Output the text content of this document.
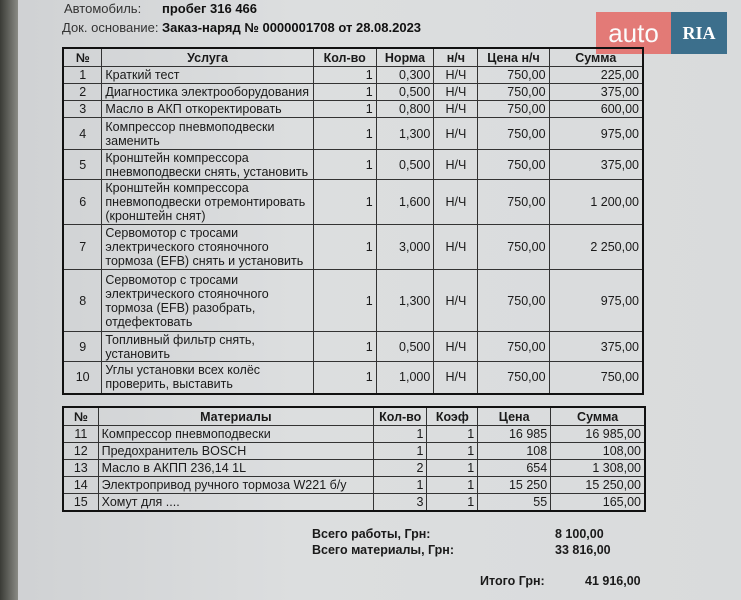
Автомобиль: пробег 316 466
Док. основание: Заказ-наряд № 0000001708 от 28.08.2023	auto	RIA
№	Услуга	Кол-во	Норма	н/ч	Цена н/ч	Сумма
1	Краткий тест	1	0,300	Н/Ч	750,00	225,00
2	Диагностика электрооборудования	1	0,500	Н/Ч	750,00	375,00
3	Масло в АКП откоректировать	1	0,800	Н/Ч	750,00	600,00
4	Компрессор пневмоподвески заменить	1	1,300	Н/Ч	750,00	975,00
5	Кронштейн компрессора пневмоподвески снять, установить	1	0,500	Н/Ч	750,00	375,00
6	Кронштейн компрессора пневмоподвески отремонтировать (кронштейн снят)	1	1,600	Н/Ч	750,00	1 200,00
7	Сервомотор с тросами электрического стояночного тормоза (EFB) снять и установить	1	3,000	Н/Ч	750,00	2 250,00
8	Сервомотор с тросами электрического стояночного тормоза (EFB) разобрать, отдефектовать	1	1,300	Н/Ч	750,00	975,00
9	Топливный фильтр снять, установить	1	0,500	Н/Ч	750,00	375,00
10	Углы установки всех колёс проверить, выставить	1	1,000	Н/Ч	750,00	750,00
№	Материалы	Кол-во	Коэф	Цена	Сумма
11	Компрессор пневмоподвески	1	1	16 985	16 985,00
12	Предохранитель BOSCH	1	1	108	108,00
13	Масло в АКПП 236,14 1L	2	1	654	1 308,00
14	Электропривод ручного тормоза W221 б/у	1	1	15 250	15 250,00
15	Хомут для ....	3	1	55	165,00
Всего работы, Грн:	8 100,00
Всего материалы, Грн:	33 816,00
Итого Грн:	41 916,00
